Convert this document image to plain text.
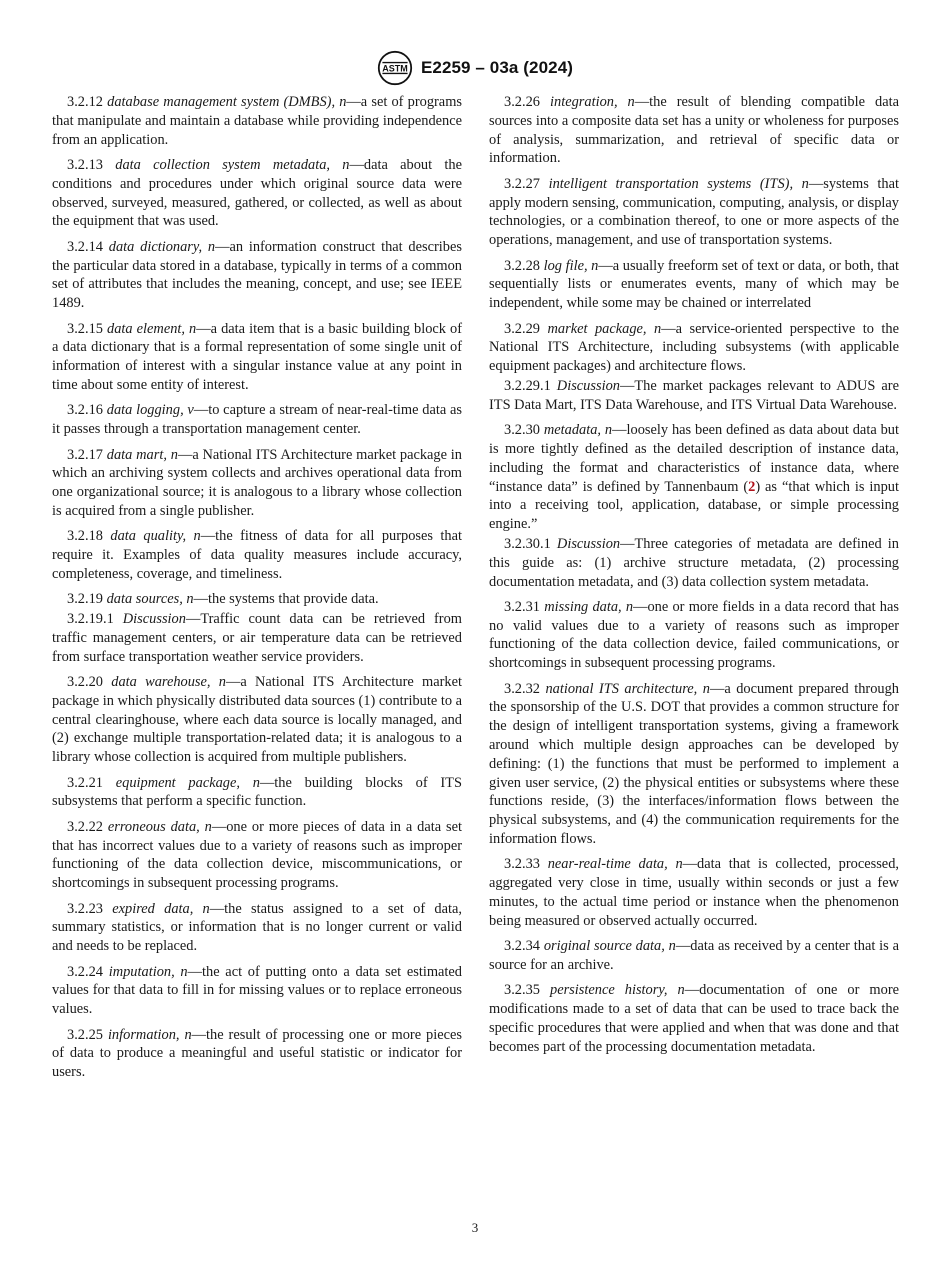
ASTM E2259 – 03a (2024)

3.2.12 database management system (DMBS), n—a set of programs that manipulate and maintain a database while providing independence from an application.

3.2.13 data collection system metadata, n—data about the conditions and procedures under which original source data were observed, surveyed, measured, gathered, or collected, as well as about the equipment that was used.

3.2.14 data dictionary, n—an information construct that describes the particular data stored in a database, typically in terms of a common set of attributes that includes the meaning, concept, and use; see IEEE 1489.

3.2.15 data element, n—a data item that is a basic building block of a data dictionary that is a formal representation of some single unit of information of interest with a singular instance value at any point in time about some entity of interest.

3.2.16 data logging, v—to capture a stream of near-real-time data as it passes through a transportation management center.

3.2.17 data mart, n—a National ITS Architecture market package in which an archiving system collects and archives operational data from one organizational source; it is analogous to a library whose collection is acquired from a single publisher.

3.2.18 data quality, n—the fitness of data for all purposes that require it. Examples of data quality measures include accuracy, completeness, coverage, and timeliness.

3.2.19 data sources, n—the systems that provide data.

3.2.19.1 Discussion—Traffic count data can be retrieved from traffic management centers, or air temperature data can be retrieved from surface transportation weather service providers.

3.2.20 data warehouse, n—a National ITS Architecture market package in which physically distributed data sources (1) contribute to a central clearinghouse, where each data source is locally managed, and (2) exchange multiple transportation-related data; it is analogous to a library whose collection is acquired from multiple publishers.

3.2.21 equipment package, n—the building blocks of ITS subsystems that perform a specific function.

3.2.22 erroneous data, n—one or more pieces of data in a data set that has incorrect values due to a variety of reasons such as improper functioning of the data collection device, miscommunications, or shortcomings in subsequent processing programs.

3.2.23 expired data, n—the status assigned to a set of data, summary statistics, or information that is no longer current or valid and needs to be replaced.

3.2.24 imputation, n—the act of putting onto a data set estimated values for that data to fill in for missing values or to replace erroneous values.

3.2.25 information, n—the result of processing one or more pieces of data to produce a meaningful and useful statistic or indicator for users.

3.2.26 integration, n—the result of blending compatible data sources into a composite data set has a unity or wholeness for purposes of analysis, summarization, and retrieval of specific data or information.

3.2.27 intelligent transportation systems (ITS), n—systems that apply modern sensing, communication, computing, analysis, or display technologies, or a combination thereof, to one or more aspects of the operations, management, and use of transportation systems.

3.2.28 log file, n—a usually freeform set of text or data, or both, that sequentially lists or enumerates events, many of which may be independent, while some may be chained or interrelated

3.2.29 market package, n—a service-oriented perspective to the National ITS Architecture, including subsystems (with applicable equipment packages) and architecture flows.

3.2.29.1 Discussion—The market packages relevant to ADUS are ITS Data Mart, ITS Data Warehouse, and ITS Virtual Data Warehouse.

3.2.30 metadata, n—loosely has been defined as data about data but is more tightly defined as the detailed description of instance data, including the format and characteristics of instance data, where “instance data” is defined by Tannenbaum (2) as “that which is input into a receiving tool, application, database, or simple processing engine.”

3.2.30.1 Discussion—Three categories of metadata are defined in this guide as: (1) archive structure metadata, (2) processing documentation metadata, and (3) data collection system metadata.

3.2.31 missing data, n—one or more fields in a data record that has no valid values due to a variety of reasons such as improper functioning of the data collection device, failed communications, or shortcomings in subsequent processing programs.

3.2.32 national ITS architecture, n—a document prepared through the sponsorship of the U.S. DOT that provides a common structure for the design of intelligent transportation systems, giving a framework around which multiple design approaches can be developed by defining: (1) the functions that must be performed to implement a given user service, (2) the physical entities or subsystems where these functions reside, (3) the interfaces/information flows between the physical subsystems, and (4) the communication requirements for the information flows.

3.2.33 near-real-time data, n—data that is collected, processed, aggregated very close in time, usually within seconds or just a few minutes, to the actual time period or instance when the phenomenon being measured or observed actually occurred.

3.2.34 original source data, n—data as received by a center that is a source for an archive.

3.2.35 persistence history, n—documentation of one or more modifications made to a set of data that can be used to trace back the specific procedures that were applied and when that was done and that becomes part of the processing documentation metadata.

3
